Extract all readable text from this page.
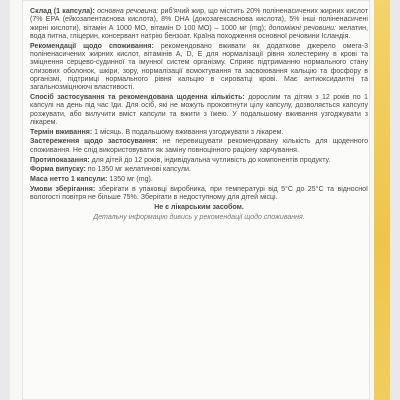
Склад (1 капсула): основна речовина: риб'ячий жир, що містить 20% поліненасичених жирних кислот (7% ЕРА (ейкозапентаєнова кислота), 8% DHA (докозагексаєнова кислота), 5% інші поліненасичені жирні кислоти), вітамін А 1000 МО, вітамін D 100 МО) – 1000 мг (mg); допоміжні речовини: желатин, вода питна, гліцерин, консервант натрію бензоат. Країна походження основної речовини Ісландія.

Рекомендації щодо споживання: рекомендовано вживати як додаткове джерело омега-3 поліненасичених жирних кислот, вітамінів А, D, Е для нормалізації рівня холестерину в крові та зміцнення серцево-судинної та імунної систем організму. Сприяє підтриманню нормального стану слизових оболонок, шкіри, зору, нормалізації всмоктування та засвоювання кальцію та фосфору в організмі, підтримці нормального рівня кальцію в сироватці крові. Має антиоксидантні та загальнозміцнюючі властивості.

Спосіб застосування та рекомендована щоденна кількість: дорослим та дітям з 12 років по 1 капсулі на день під час їди. Для осіб, які не можуть проковтнути цілу капсулу, дозволяється капсулу розжувати, або вилучити вміст капсули та вжити з їжею. У подальшому вживання узгоджувати з лікарем.

Термін вживання: 1 місяць. В подальшому вживання узгоджувати з лікарем.

Застереження щодо застосування: не перевищувати рекомендовану кількість для щоденного споживання. Не слід використовувати як заміну повноцінного раціону харчування.

Протипоказання: для дітей до 12 років, індивідуальна чутливість до компонентів продукту.

Форма випуску: по 1350 мг желатинові капсули.

Маса нетто 1 капсули: 1350 мг (mg).

Умови зберігання: зберігати в упаковці виробника, при температурі від 5°С до 25°С та відносної вологості повітря не більше 75%. Зберігати в недоступному для дітей місці.

Не є лікарським засобом.

Детальну інформацію дивись у рекомендації щодо споживання.
